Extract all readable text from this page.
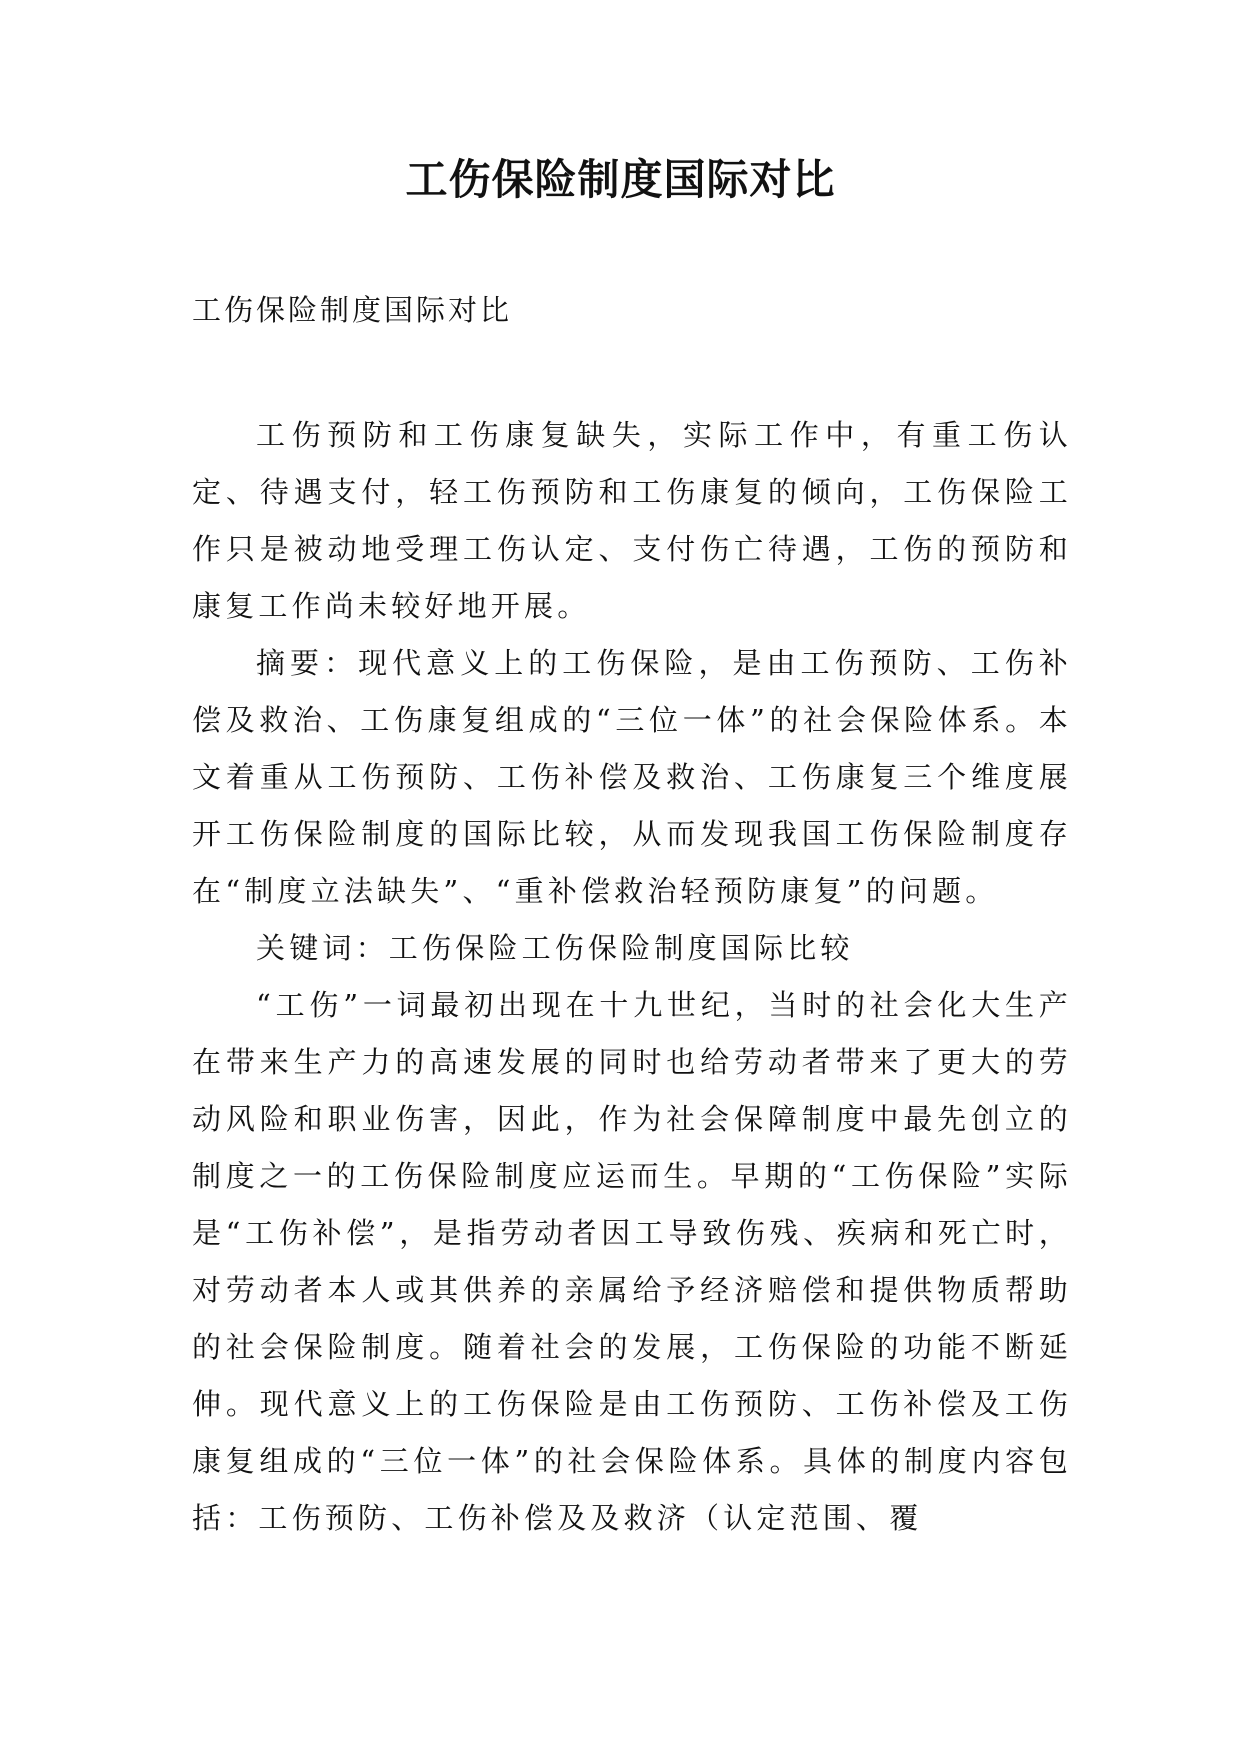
工伤保险制度国际对比

工伤保险制度国际对比

工伤预防和工伤康复缺失，实际工作中，有重工伤认定、待遇支付，轻工伤预防和工伤康复的倾向，工伤保险工作只是被动地受理工伤认定、支付伤亡待遇，工伤的预防和康复工作尚未较好地开展。

摘要：现代意义上的工伤保险，是由工伤预防、工伤补偿及救治、工伤康复组成的“三位一体”的社会保险体系。本文着重从工伤预防、工伤补偿及救治、工伤康复三个维度展开工伤保险制度的国际比较，从而发现我国工伤保险制度存在“制度立法缺失”、“重补偿救治轻预防康复”的问题。

关键词：工伤保险工伤保险制度国际比较

“工伤”一词最初出现在十九世纪，当时的社会化大生产在带来生产力的高速发展的同时也给劳动者带来了更大的劳动风险和职业伤害，因此，作为社会保障制度中最先创立的制度之一的工伤保险制度应运而生。早期的“工伤保险”实际是“工伤补偿”，是指劳动者因工导致伤残、疾病和死亡时，对劳动者本人或其供养的亲属给予经济赔偿和提供物质帮助的社会保险制度。随着社会的发展，工伤保险的功能不断延伸。现代意义上的工伤保险是由工伤预防、工伤补偿及工伤康复组成的“三位一体”的社会保险体系。具体的制度内容包括：工伤预防、工伤补偿及及救济（认定范围、覆
